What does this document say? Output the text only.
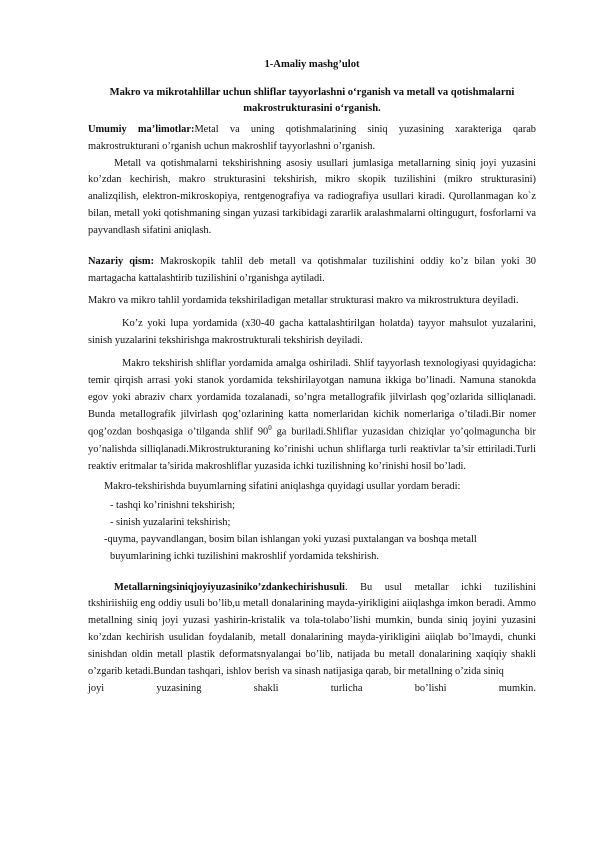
1-Amaliy mashg’ulot
Makro va mikrotahlillar uchun shliflar tayyorlashni o‘rganish va metall va qotishmalarni makrostrukturasini o‘rganish.

Umumiy ma’limotlar:Metal va uning qotishmalarining siniq yuzasining xarakteriga qarab makrostrukturani o’rganish uchun makroshlif tayyorlashni o’rganish.

Metall va qotishmalarni tekshirishning asosiy usullari jumlasiga metallarning siniq joyi yuzasini ko’zdan kechirish, makro strukturasini tekshirish, mikro skopik tuzilishini (mikro strukturasini) analizqilish, elektron-mikroskopiya, rentgenografiya va radiografiya usullari kiradi. Qurollanmagan ko`z bilan, metall yoki qotishmaning singan yuzasi tarkibidagi zararlik aralashmalarni oltingugurt, fosforlarni va payvandlash sifatini aniqlash.

Nazariy qism: Makroskopik tahlil deb metall va qotishmalar tuzilishini oddiy ko’z bilan yoki 30 martagacha kattalashtirib tuzilishini o’rganishga aytiladi.

Makro va mikro tahlil yordamida tekshiriladigan metallar strukturasi makro va mikrostruktura deyiladi.

Ko’z yoki lupa yordamida (x30-40 gacha kattalashtirilgan holatda) tayyor mahsulot yuzalarini, sinish yuzalarini tekshirishga makrostrukturali tekshirish deyiladi.

Makro tekshirish shliflar yordamida amalga oshiriladi. Shlif tayyorlash texnologiyasi quyidagicha: temir qirqish arrasi yoki stanok yordamida tekshirilayotgan namuna ikkiga bo’linadi. Namuna stanokda egov yoki abraziv charx yordamida tozalanadi, so’ngra metallografik jilvirlash qog’ozlarida silliqlanadi. Bunda metallografik jilvirlash qog’ozlarining katta nomerlaridan kichik nomerlariga o’tiladi.Bir nomer qog’ozdan boshqasiga o’tilganda shlif $90^0$ ga buriladi.Shliflar yuzasidan chiziqlar yo’qolmaguncha bir yo’nalishda silliqlanadi.Mikrostrukturaning ko’rinishi uchun shliflarga turli reaktivlar ta’sir ettiriladi.Turli reaktiv eritmalar ta’sirida makroshliflar yuzasida ichki tuzilishning ko’rinishi hosil bo’ladi.

Makro-tekshirishda buyumlarning sifatini aniqlashga quyidagi usullar yordam beradi:

- tashqi ko’rinishni tekshirish;
- sinish yuzalarini tekshirish;
-quyma, payvandlangan, bosim bilan ishlangan yoki yuzasi puxtalangan va boshqa metall
buyumlarining ichki tuzilishini makroshlif yordamida tekshirish.

Metallarningsiniqjoyiyuzasiniko’zdankechirishusuli. Bu usul metallar ichki tuzilishini tkshiriishiig eng oddiy usuli bo’lib,u metall donalarining mayda-yirikligini aiiqlashga imkon beradi. Ammo metallning siniq joyi yuzasi yashirin-kristalik va tola-tolabo’lishi mumkin, bunda siniq joyini yuzasini ko’zdan kechirish usulidan foydalanib, metall donalarining mayda-yirikligini aiiqlab bo’lmaydi, chunki sinishdan oldin metall plastik deformatsnyalangai bo’lib, natijada bu metall donalarining xaqiqiy shakli o’zgarib ketadi.Bundan tashqari, ishlov berish va sinash natijasiga qarab, bir metallning o’zida siniq

joyi	yuzasining	shakli	turlicha	bo’lishi	mumkin.
